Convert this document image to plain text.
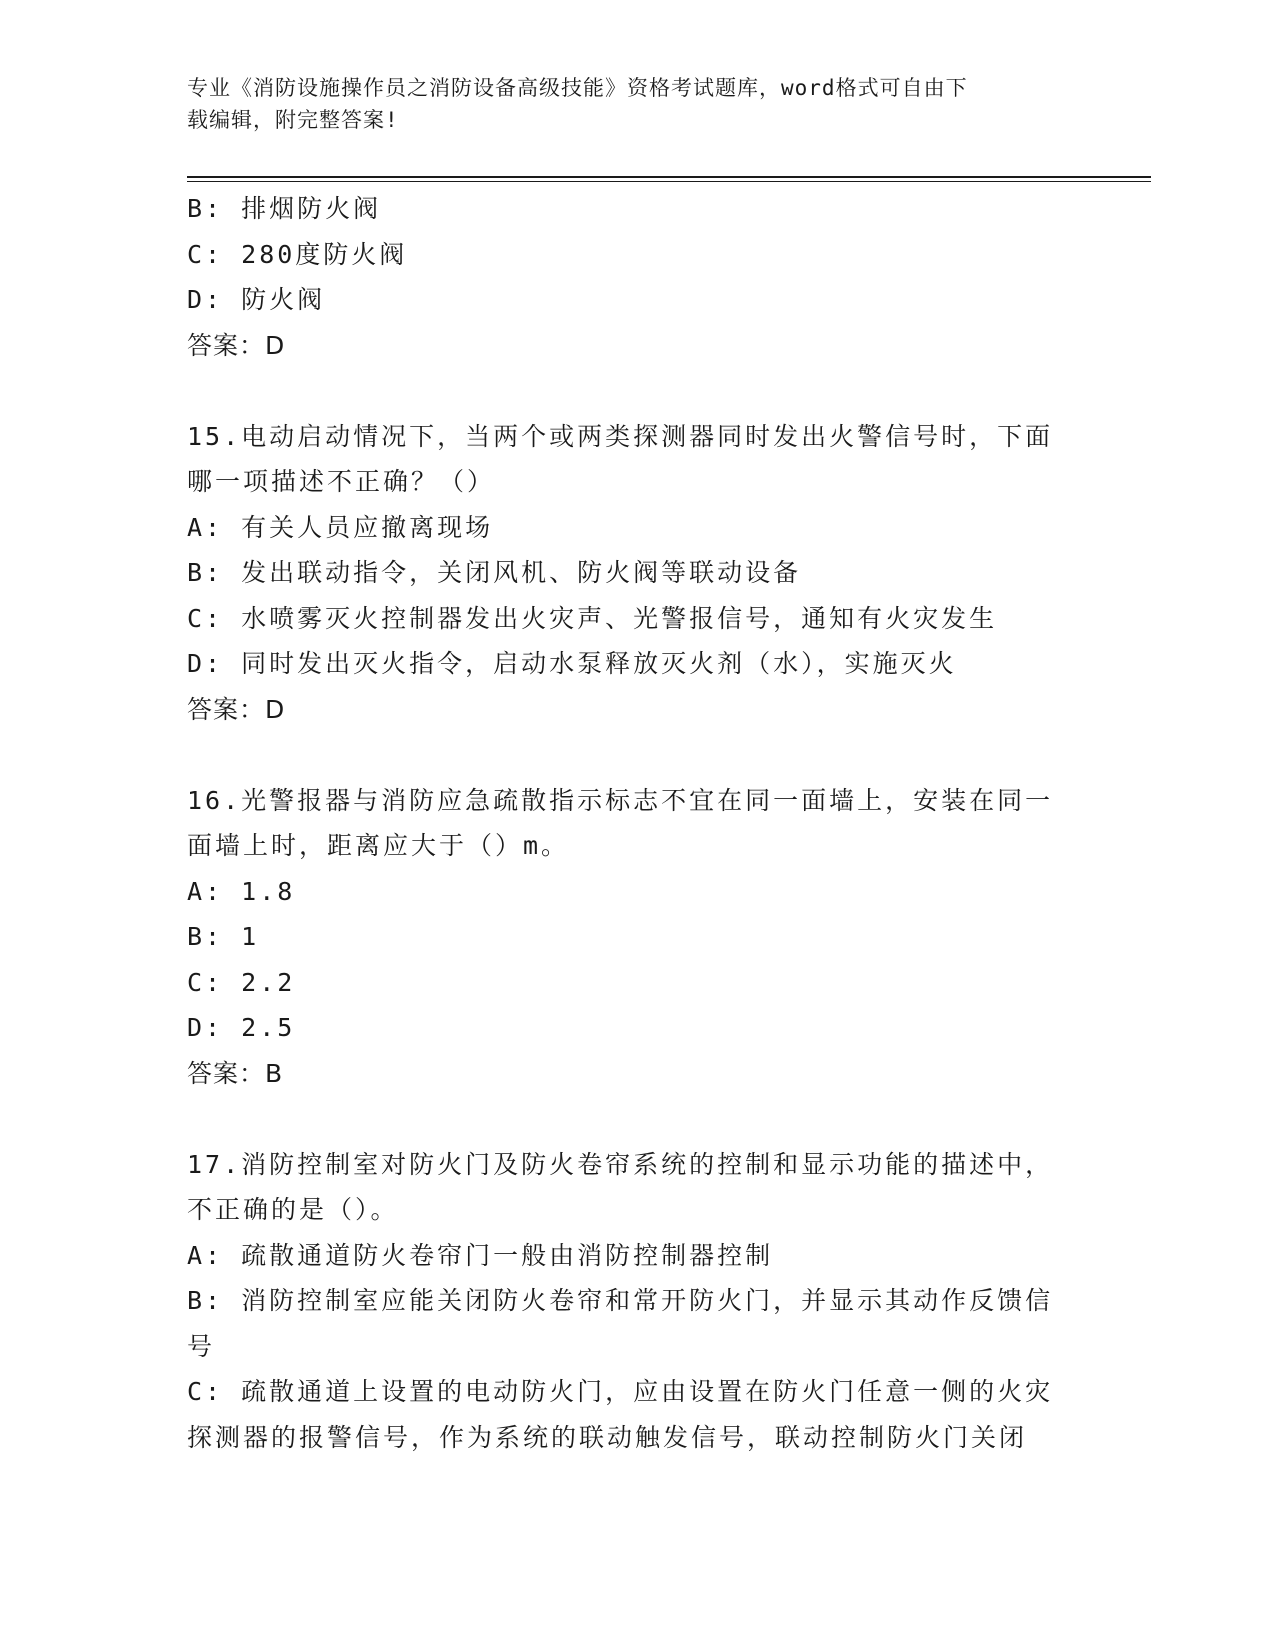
专业《消防设施操作员之消防设备高级技能》资格考试题库，word格式可自由下
载编辑，附完整答案!
B: 排烟防火阀
C: 280度防火阀
D: 防火阀
答案：D
15.电动启动情况下，当两个或两类探测器同时发出火警信号时，下面
哪一项描述不正确？（）
A: 有关人员应撤离现场
B: 发出联动指令，关闭风机、防火阀等联动设备
C: 水喷雾灭火控制器发出火灾声、光警报信号，通知有火灾发生
D: 同时发出灭火指令，启动水泵释放灭火剂（水），实施灭火
答案：D
16.光警报器与消防应急疏散指示标志不宜在同一面墙上，安装在同一
面墙上时，距离应大于（）m。
A: 1.8
B: 1
C: 2.2
D: 2.5
答案：B
17.消防控制室对防火门及防火卷帘系统的控制和显示功能的描述中，
不正确的是（）。
A: 疏散通道防火卷帘门一般由消防控制器控制
B: 消防控制室应能关闭防火卷帘和常开防火门，并显示其动作反馈信
号
C: 疏散通道上设置的电动防火门，应由设置在防火门任意一侧的火灾
探测器的报警信号，作为系统的联动触发信号，联动控制防火门关闭
